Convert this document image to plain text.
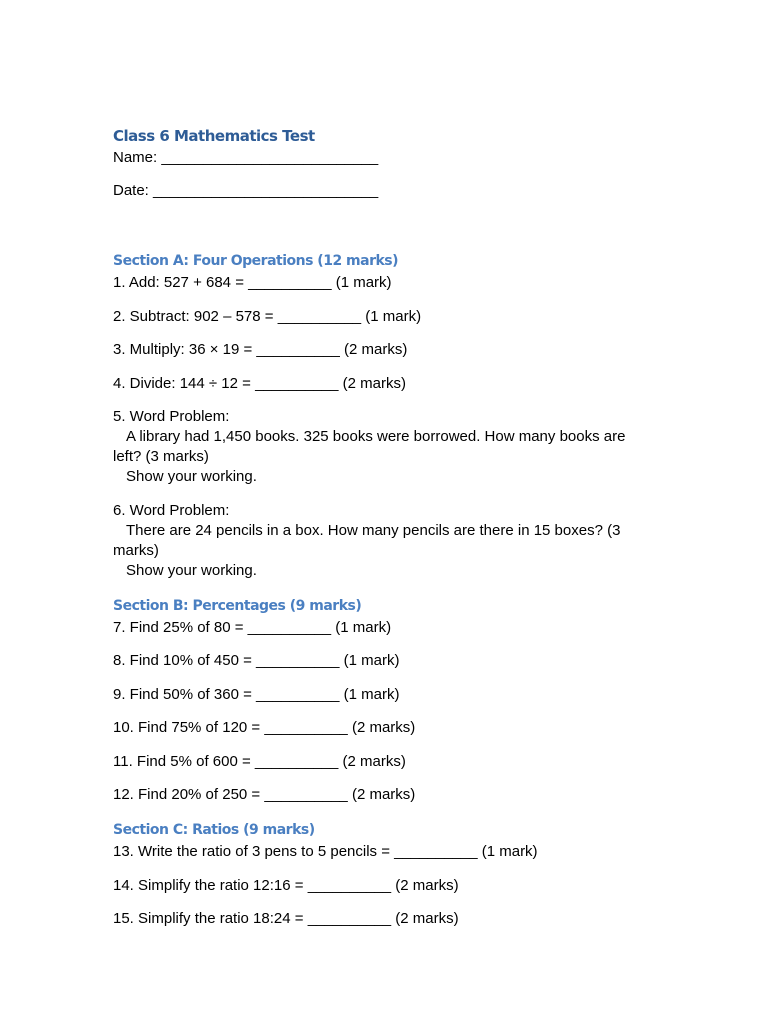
Class 6 Mathematics Test

Name: __________________________

Date: ___________________________

Section A: Four Operations (12 marks)

1. Add: 527 + 684 = __________ (1 mark)

2. Subtract: 902 – 578 = __________ (1 mark)

3. Multiply: 36 × 19 = __________ (2 marks)

4. Divide: 144 ÷ 12 = __________ (2 marks)

5. Word Problem:
A library had 1,450 books. 325 books were borrowed. How many books are
left? (3 marks)
Show your working.
6. Word Problem:
There are 24 pencils in a box. How many pencils are there in 15 boxes? (3
marks)
Show your working.

Section B: Percentages (9 marks)

7. Find 25% of 80 = __________ (1 mark)

8. Find 10% of 450 = __________ (1 mark)

9. Find 50% of 360 = __________ (1 mark)

10. Find 75% of 120 = __________ (2 marks)

11. Find 5% of 600 = __________ (2 marks)

12. Find 20% of 250 = __________ (2 marks)

Section C: Ratios (9 marks)

13. Write the ratio of 3 pens to 5 pencils = __________ (1 mark)

14. Simplify the ratio 12:16 = __________ (2 marks)

15. Simplify the ratio 18:24 = __________ (2 marks)
